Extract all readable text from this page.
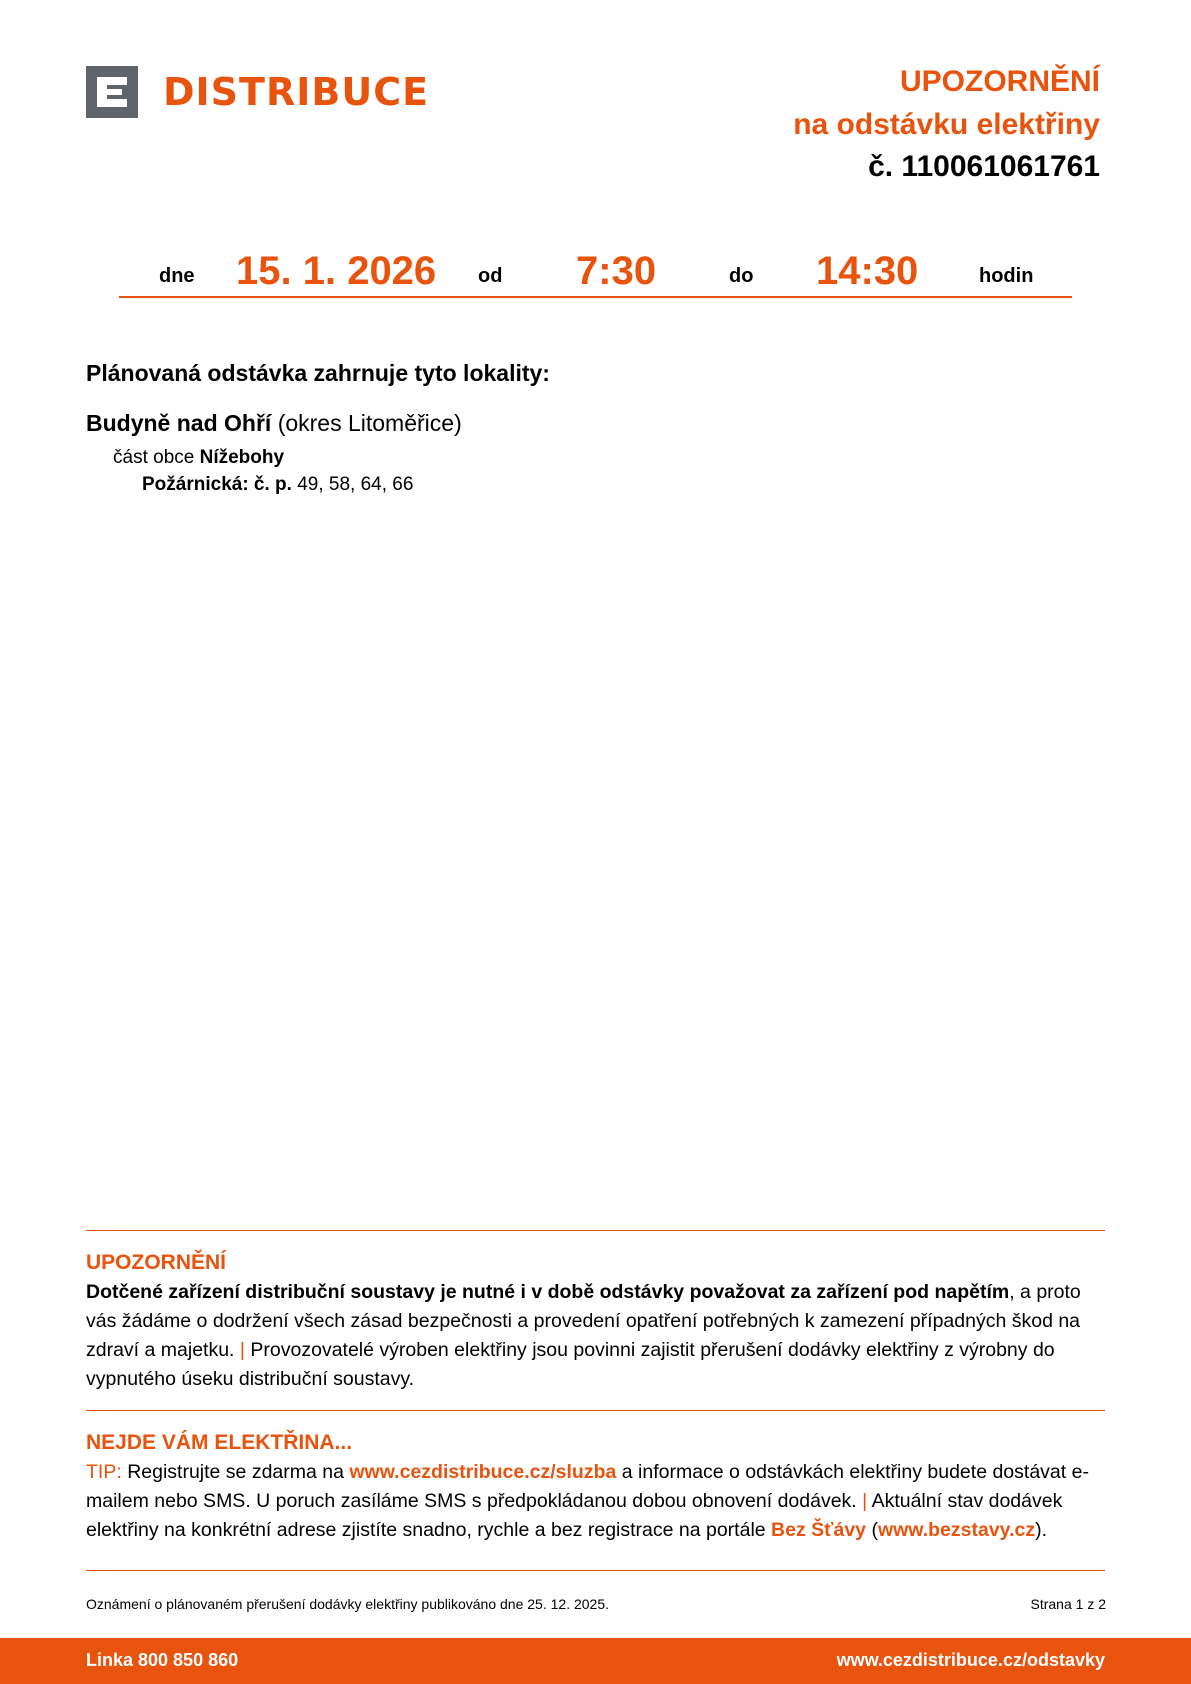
DISTRIBUCE	UPOZORNĚNÍ
na odstávku elektřiny
č. 110061061761
dne 15. 1. 2026 od 7:30	do 14:30	hodin
Plánovaná odstávka zahrnuje tyto lokality:
Budyně nad Ohří (okres Litoměřice)
část obce Nížebohy
Požárnická: č. p. 49, 58, 64, 66
UPOZORNĚNÍ
Dotčené zařízení distribuční soustavy je nutné i v době odstávky považovat za zařízení pod napětím, a proto vás žádáme o dodržení všech zásad bezpečnosti a provedení opatření potřebných k zamezení případných škod na zdraví a majetku. | Provozovatelé výroben elektřiny jsou povinni zajistit přerušení dodávky elektřiny z výrobny do vypnutého úseku distribuční soustavy.
NEJDE VÁM ELEKTŘINA...
TIP: Registrujte se zdarma na www.cezdistribuce.cz/sluzba a informace o odstávkách elektřiny budete dostávat e-mailem nebo SMS. U poruch zasíláme SMS s předpokládanou dobou obnovení dodávek. | Aktuální stav dodávek elektřiny na konkrétní adrese zjistíte snadno, rychle a bez registrace na portále Bez Šťávy (www.bezstavy.cz).
Oznámení o plánovaném přerušení dodávky elektřiny publikováno dne 25. 12. 2025.	Strana 1 z 2
Linka 800 850 860	www.cezdistribuce.cz/odstavky
